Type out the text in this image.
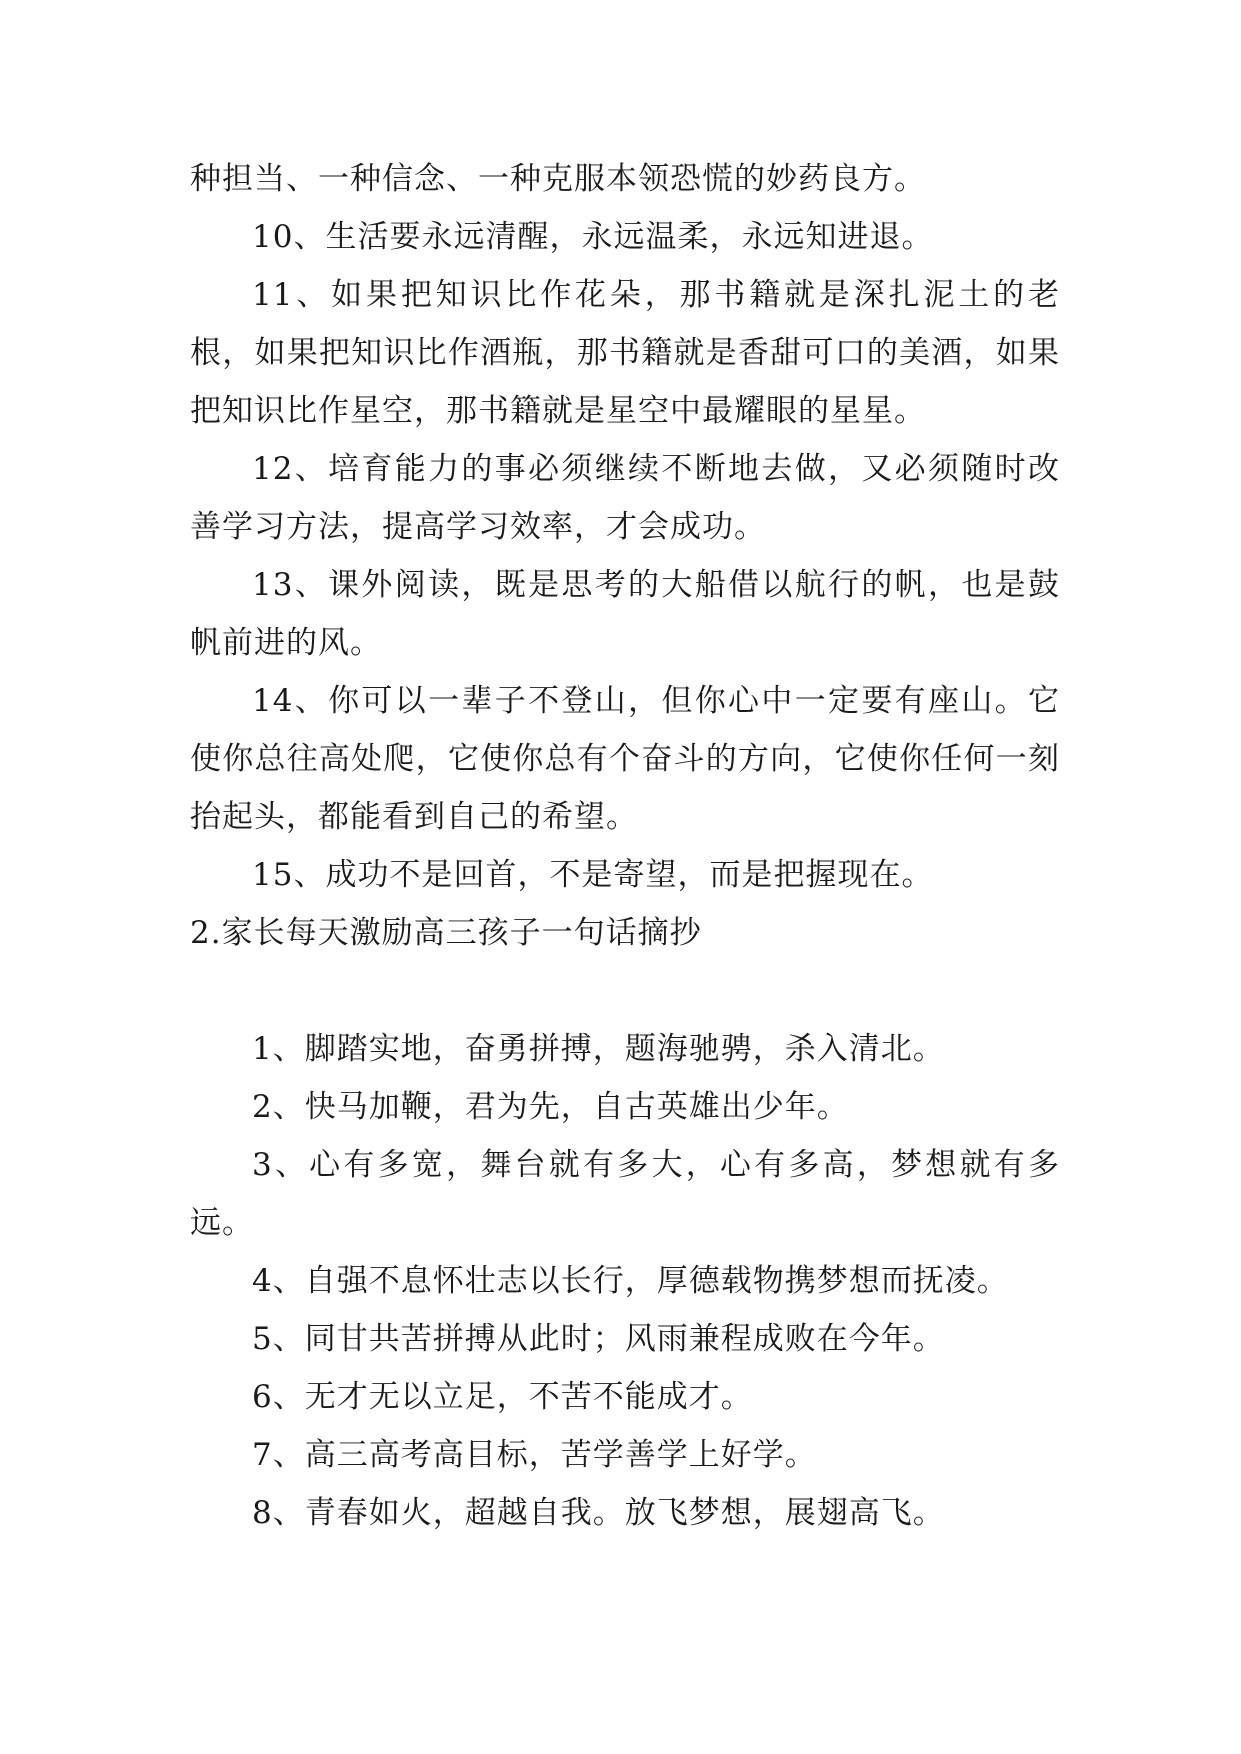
种担当、一种信念、一种克服本领恐慌的妙药良方。

10、生活要永远清醒，永远温柔，永远知进退。

11、如果把知识比作花朵，那书籍就是深扎泥土的老根，如果把知识比作酒瓶，那书籍就是香甜可口的美酒，如果把知识比作星空，那书籍就是星空中最耀眼的星星。

12、培育能力的事必须继续不断地去做，又必须随时改善学习方法，提高学习效率，才会成功。

13、课外阅读，既是思考的大船借以航行的帆，也是鼓帆前进的风。

14、你可以一辈子不登山，但你心中一定要有座山。它使你总往高处爬，它使你总有个奋斗的方向，它使你任何一刻抬起头，都能看到自己的希望。

15、成功不是回首，不是寄望，而是把握现在。

2.家长每天激励高三孩子一句话摘抄

1、脚踏实地，奋勇拼搏，题海驰骋，杀入清北。

2、快马加鞭，君为先，自古英雄出少年。

3、心有多宽，舞台就有多大，心有多高，梦想就有多远。

4、自强不息怀壮志以长行，厚德载物携梦想而抚凌。

5、同甘共苦拼搏从此时；风雨兼程成败在今年。

6、无才无以立足，不苦不能成才。

7、高三高考高目标，苦学善学上好学。

8、青春如火，超越自我。放飞梦想，展翅高飞。
